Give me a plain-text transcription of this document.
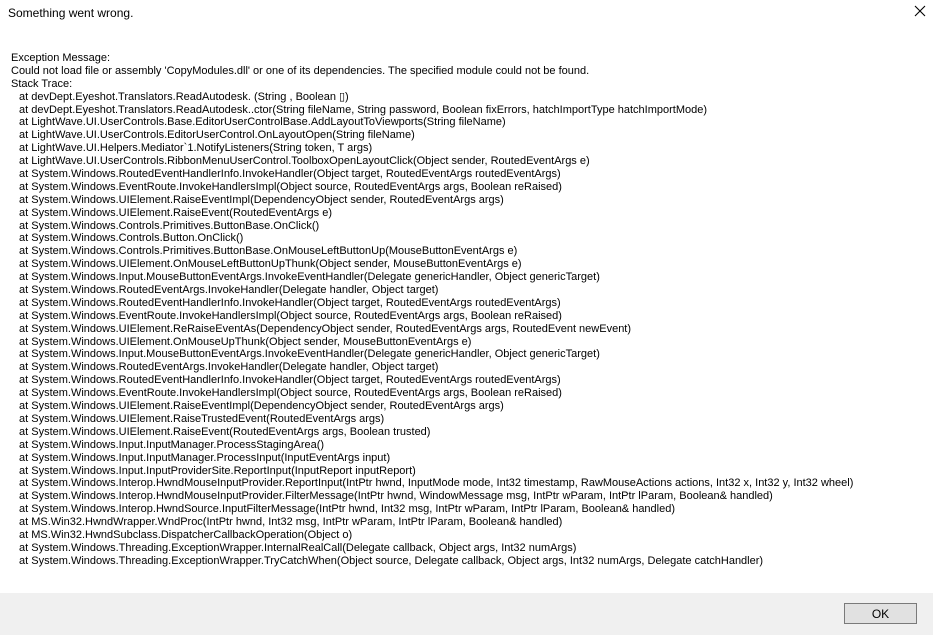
Something went wrong.
Exception Message:
Could not load file or assembly 'CopyModules.dll' or one of its dependencies. The specified module could not be found.
Stack Trace:
at devDept.Eyeshot.Translators.ReadAutodesk. (String , Boolean ▯)
at devDept.Eyeshot.Translators.ReadAutodesk..ctor(String fileName, String password, Boolean fixErrors, hatchImportType hatchImportMode)
at LightWave.UI.UserControls.Base.EditorUserControlBase.AddLayoutToViewports(String fileName)
at LightWave.UI.UserControls.EditorUserControl.OnLayoutOpen(String fileName)
at LightWave.UI.Helpers.Mediator`1.NotifyListeners(String token, T args)
at LightWave.UI.UserControls.RibbonMenuUserControl.ToolboxOpenLayoutClick(Object sender, RoutedEventArgs e)
at System.Windows.RoutedEventHandlerInfo.InvokeHandler(Object target, RoutedEventArgs routedEventArgs)
at System.Windows.EventRoute.InvokeHandlersImpl(Object source, RoutedEventArgs args, Boolean reRaised)
at System.Windows.UIElement.RaiseEventImpl(DependencyObject sender, RoutedEventArgs args)
at System.Windows.UIElement.RaiseEvent(RoutedEventArgs e)
at System.Windows.Controls.Primitives.ButtonBase.OnClick()
at System.Windows.Controls.Button.OnClick()
at System.Windows.Controls.Primitives.ButtonBase.OnMouseLeftButtonUp(MouseButtonEventArgs e)
at System.Windows.UIElement.OnMouseLeftButtonUpThunk(Object sender, MouseButtonEventArgs e)
at System.Windows.Input.MouseButtonEventArgs.InvokeEventHandler(Delegate genericHandler, Object genericTarget)
at System.Windows.RoutedEventArgs.InvokeHandler(Delegate handler, Object target)
at System.Windows.RoutedEventHandlerInfo.InvokeHandler(Object target, RoutedEventArgs routedEventArgs)
at System.Windows.EventRoute.InvokeHandlersImpl(Object source, RoutedEventArgs args, Boolean reRaised)
at System.Windows.UIElement.ReRaiseEventAs(DependencyObject sender, RoutedEventArgs args, RoutedEvent newEvent)
at System.Windows.UIElement.OnMouseUpThunk(Object sender, MouseButtonEventArgs e)
at System.Windows.Input.MouseButtonEventArgs.InvokeEventHandler(Delegate genericHandler, Object genericTarget)
at System.Windows.RoutedEventArgs.InvokeHandler(Delegate handler, Object target)
at System.Windows.RoutedEventHandlerInfo.InvokeHandler(Object target, RoutedEventArgs routedEventArgs)
at System.Windows.EventRoute.InvokeHandlersImpl(Object source, RoutedEventArgs args, Boolean reRaised)
at System.Windows.UIElement.RaiseEventImpl(DependencyObject sender, RoutedEventArgs args)
at System.Windows.UIElement.RaiseTrustedEvent(RoutedEventArgs args)
at System.Windows.UIElement.RaiseEvent(RoutedEventArgs args, Boolean trusted)
at System.Windows.Input.InputManager.ProcessStagingArea()
at System.Windows.Input.InputManager.ProcessInput(InputEventArgs input)
at System.Windows.Input.InputProviderSite.ReportInput(InputReport inputReport)
at System.Windows.Interop.HwndMouseInputProvider.ReportInput(IntPtr hwnd, InputMode mode, Int32 timestamp, RawMouseActions actions, Int32 x, Int32 y, Int32 wheel)
at System.Windows.Interop.HwndMouseInputProvider.FilterMessage(IntPtr hwnd, WindowMessage msg, IntPtr wParam, IntPtr lParam, Boolean& handled)
at System.Windows.Interop.HwndSource.InputFilterMessage(IntPtr hwnd, Int32 msg, IntPtr wParam, IntPtr lParam, Boolean& handled)
at MS.Win32.HwndWrapper.WndProc(IntPtr hwnd, Int32 msg, IntPtr wParam, IntPtr lParam, Boolean& handled)
at MS.Win32.HwndSubclass.DispatcherCallbackOperation(Object o)
at System.Windows.Threading.ExceptionWrapper.InternalRealCall(Delegate callback, Object args, Int32 numArgs)
at System.Windows.Threading.ExceptionWrapper.TryCatchWhen(Object source, Delegate callback, Object args, Int32 numArgs, Delegate catchHandler)
OK
